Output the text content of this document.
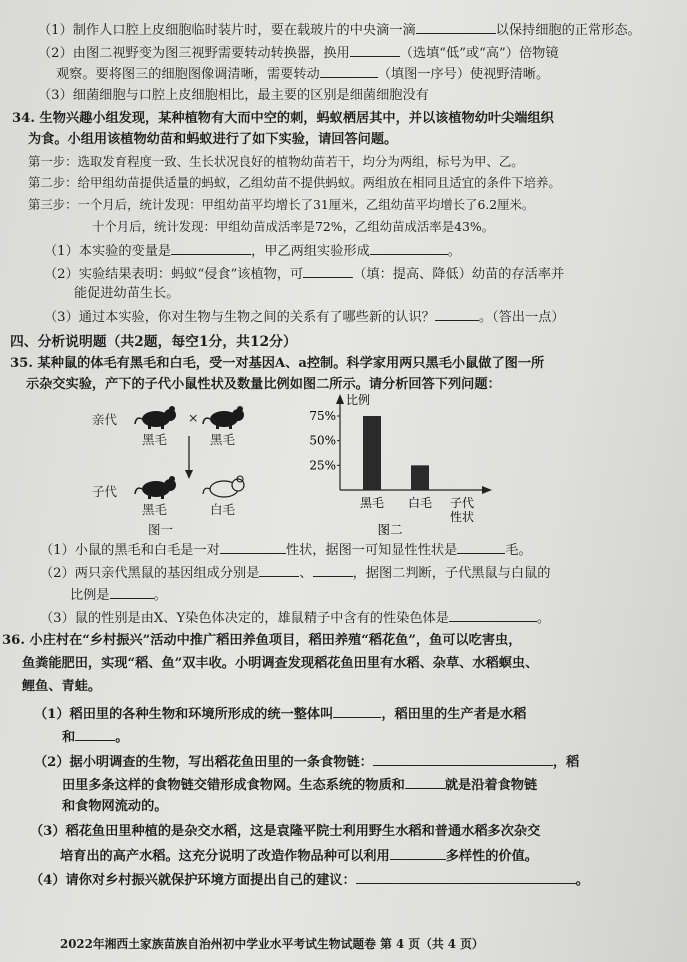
（1）制作人口腔上皮细胞临时装片时，要在载玻片的中央滴一滴	以保持细胞的正常形态。
（2）由图二视野变为图三视野需要转动转换器，换用	（选填“低”或“高”）倍物镜
观察。要将图三的细胞图像调清晰，需要转动	（填图一序号）使视野清晰。
（3）细菌细胞与口腔上皮细胞相比，最主要的区别是细菌细胞没有
34. 生物兴趣小组发现，某种植物有大而中空的刺，蚂蚁栖居其中，并以该植物幼叶尖端组织
为食。小组用该植物幼苗和蚂蚁进行了如下实验，请回答问题。
第一步：选取发育程度一致、生长状况良好的植物幼苗若干，均分为两组，标号为甲、乙。
第二步：给甲组幼苗提供适量的蚂蚁，乙组幼苗不提供蚂蚁。两组放在相同且适宜的条件下培养。
第三步：一个月后，统计发现：甲组幼苗平均增长了31厘米，乙组幼苗平均增长了6.2厘米。
十个月后，统计发现：甲组幼苗成活率是72%，乙组幼苗成活率是43%。
（1）本实验的变量是	，甲乙两组实验形成	。
（2）实验结果表明：蚂蚁“侵食”该植物，可	（填：提高、降低）幼苗的存活率并
能促进幼苗生长。
（3）通过本实验，你对生物与生物之间的关系有了哪些新的认识？	。（答出一点）
四、分析说明题（共2题，每空1分，共12分）
35. 某种鼠的体毛有黑毛和白毛，受一对基因A、a控制。科学家用两只黑毛小鼠做了图一所
示杂交实验，产下的子代小鼠性状及数量比例如图二所示。请分析回答下列问题：
亲代	×
黑毛	黑毛
子代
黑毛	白毛
图一
比例
75%
50%
25%
黑毛 白毛 子代
性状
图二
（1）小鼠的黑毛和白毛是一对	性状，据图一可知显性性状是	毛。
（2）两只亲代黑鼠的基因组成分别是	、	，据图二判断，子代黑鼠与白鼠的
比例是	。
（3）鼠的性别是由X、Y染色体决定的，雄鼠精子中含有的性染色体是	。
36. 小庄村在“乡村振兴”活动中推广稻田养鱼项目，稻田养殖“稻花鱼”，鱼可以吃害虫，
鱼粪能肥田，实现“稻、鱼”双丰收。小明调查发现稻花鱼田里有水稻、杂草、水稻螟虫、
鲤鱼、青蛙。
（1）稻田里的各种生物和环境所形成的统一整体叫	，稻田里的生产者是水稻
和	。
（2）据小明调查的生物，写出稻花鱼田里的一条食物链：	，稻
田里多条这样的食物链交错形成食物网。生态系统的物质和	就是沿着食物链
和食物网流动的。
（3）稻花鱼田里种植的是杂交水稻，这是袁隆平院士利用野生水稻和普通水稻多次杂交
培育出的高产水稻。这充分说明了改造作物品种可以利用	多样性的价值。
（4）请你对乡村振兴就保护环境方面提出自己的建议：	。
2022年湘西土家族苗族自治州初中学业水平考试生物试题卷 第 4 页（共 4 页）
